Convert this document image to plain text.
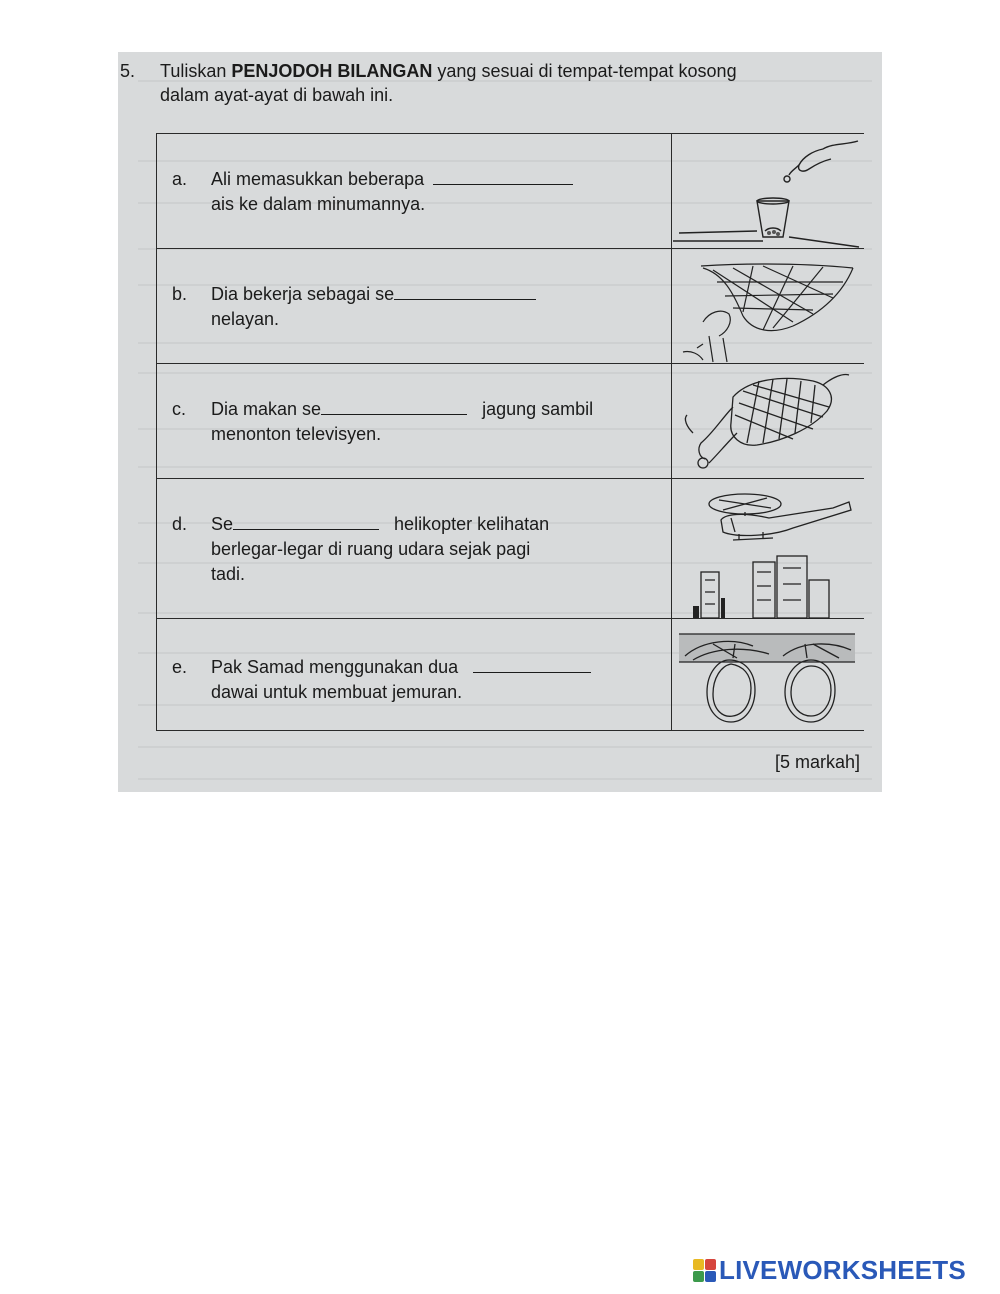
5. Tuliskan PENJODOH BILANGAN yang sesuai di tempat-tempat kosong
dalam ayat-ayat di bawah ini.
a. Ali memasukkan beberapa
ais ke dalam minumannya.
b. Dia bekerja sebagai se
nelayan.
c. Dia makan se	jagung sambil
menonton televisyen.
d. Se	helikopter kelihatan
berlegar-legar di ruang udara sejak pagi
tadi.
e. Pak Samad menggunakan dua
dawai untuk membuat jemuran.
[5 markah]
LIVEWORKSHEETS
